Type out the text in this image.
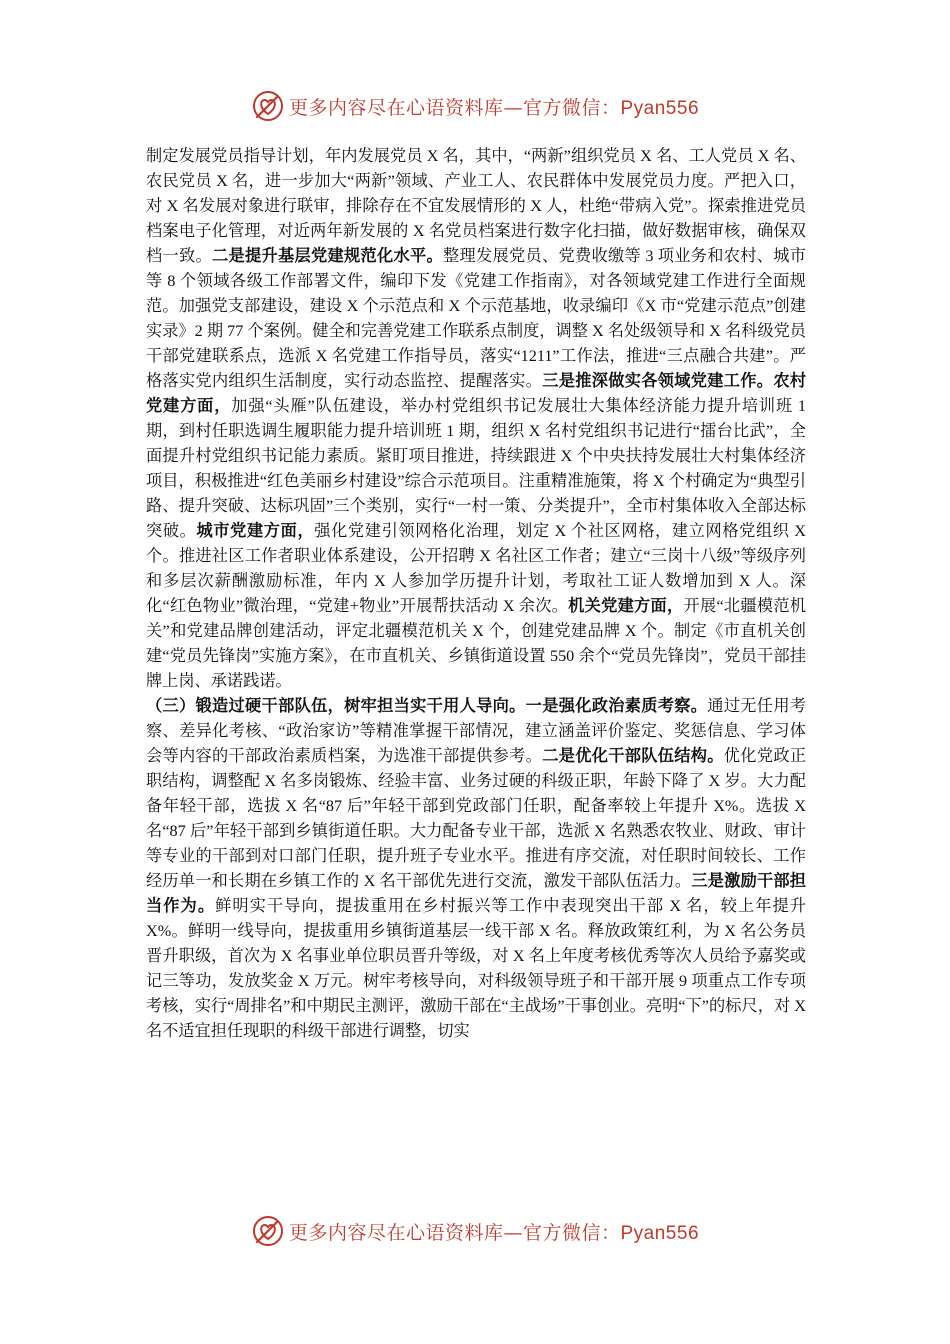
更多内容尽在心语资料库—官方微信：Pyan556

制定发展党员指导计划，年内发展党员 X 名，其中，“两新”组织党员 X 名、工人党员 X 名、农民党员 X 名，进一步加大“两新”领域、产业工人、农民群体中发展党员力度。严把入口，对 X 名发展对象进行联审，排除存在不宜发展情形的 X 人，杜绝“带病入党”。探索推进党员档案电子化管理，对近两年新发展的 X 名党员档案进行数字化扫描，做好数据审核，确保双档一致。二是提升基层党建规范化水平。整理发展党员、党费收缴等 3 项业务和农村、城市等 8 个领域各级工作部署文件，编印下发《党建工作指南》，对各领域党建工作进行全面规范。加强党支部建设，建设 X 个示范点和 X 个示范基地，收录编印《X 市“党建示范点”创建实录》2 期 77 个案例。健全和完善党建工作联系点制度，调整 X 名处级领导和 X 名科级党员干部党建联系点，选派 X 名党建工作指导员，落实“1211”工作法，推进“三点融合共建”。严格落实党内组织生活制度，实行动态监控、提醒落实。三是推深做实各领域党建工作。农村党建方面，加强“头雁”队伍建设，举办村党组织书记发展壮大集体经济能力提升培训班 1 期，到村任职选调生履职能力提升培训班 1 期，组织 X 名村党组织书记进行“擂台比武”，全面提升村党组织书记能力素质。紧盯项目推进，持续跟进 X 个中央扶持发展壮大村集体经济项目，积极推进“红色美丽乡村建设”综合示范项目。注重精准施策，将 X 个村确定为“典型引路、提升突破、达标巩固”三个类别，实行“一村一策、分类提升”，全市村集体收入全部达标突破。城市党建方面，强化党建引领网格化治理，划定 X 个社区网格，建立网格党组织 X 个。推进社区工作者职业体系建设，公开招聘 X 名社区工作者；建立“三岗十八级”等级序列和多层次薪酬激励标准，年内 X 人参加学历提升计划，考取社工证人数增加到 X 人。深化“红色物业”微治理，“党建+物业”开展帮扶活动 X 余次。机关党建方面，开展“北疆模范机关”和党建品牌创建活动，评定北疆模范机关 X 个，创建党建品牌 X 个。制定《市直机关创建“党员先锋岗”实施方案》，在市直机关、乡镇街道设置 550 余个“党员先锋岗”，党员干部挂牌上岗、承诺践诺。

（三）锻造过硬干部队伍，树牢担当实干用人导向。一是强化政治素质考察。通过无任用考察、差异化考核、“政治家访”等精准掌握干部情况，建立涵盖评价鉴定、奖惩信息、学习体会等内容的干部政治素质档案，为选准干部提供参考。二是优化干部队伍结构。优化党政正职结构，调整配 X 名多岗锻炼、经验丰富、业务过硬的科级正职，年龄下降了 X 岁。大力配备年轻干部，选拔 X 名“87 后”年轻干部到党政部门任职，配备率较上年提升 X%。选拔 X 名“87 后”年轻干部到乡镇街道任职。大力配备专业干部，选派 X 名熟悉农牧业、财政、审计等专业的干部到对口部门任职，提升班子专业水平。推进有序交流，对任职时间较长、工作经历单一和长期在乡镇工作的 X 名干部优先进行交流，激发干部队伍活力。三是激励干部担当作为。鲜明实干导向，提拔重用在乡村振兴等工作中表现突出干部 X 名，较上年提升 X%。鲜明一线导向，提拔重用乡镇街道基层一线干部 X 名。释放政策红利，为 X 名公务员晋升职级，首次为 X 名事业单位职员晋升等级，对 X 名上年度考核优秀等次人员给予嘉奖或记三等功，发放奖金 X 万元。树牢考核导向，对科级领导班子和干部开展 9 项重点工作专项考核，实行“周排名”和中期民主测评，激励干部在“主战场”干事创业。亮明“下”的标尺，对 X 名不适宜担任现职的科级干部进行调整，切实

更多内容尽在心语资料库—官方微信：Pyan556
